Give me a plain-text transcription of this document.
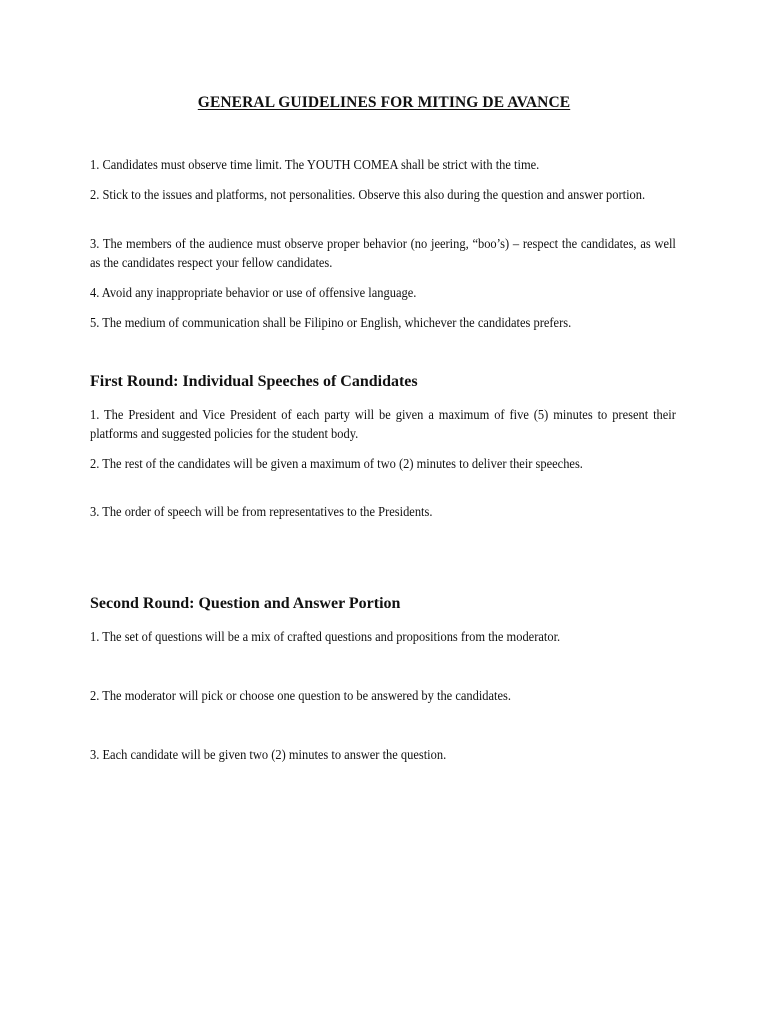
GENERAL GUIDELINES FOR MITING DE AVANCE
1. Candidates must observe time limit. The YOUTH COMEA shall be strict with the time.
2. Stick to the issues and platforms, not personalities. Observe this also during the question and answer portion.
3. The members of the audience must observe proper behavior (no jeering, “boo’s) – respect the candidates, as well as the candidates respect your fellow candidates.
4. Avoid any inappropriate behavior or use of offensive language.
5. The medium of communication shall be Filipino or English, whichever the candidates prefers.
First Round: Individual Speeches of Candidates
1. The President and Vice President of each party will be given a maximum of five (5) minutes to present their platforms and suggested policies for the student body.
2. The rest of the candidates will be given a maximum of two (2) minutes to deliver their speeches.
3. The order of speech will be from representatives to the Presidents.
Second Round: Question and Answer Portion
1. The set of questions will be a mix of crafted questions and propositions from the moderator.
2. The moderator will pick or choose one question to be answered by the candidates.
3. Each candidate will be given two (2) minutes to answer the question.
